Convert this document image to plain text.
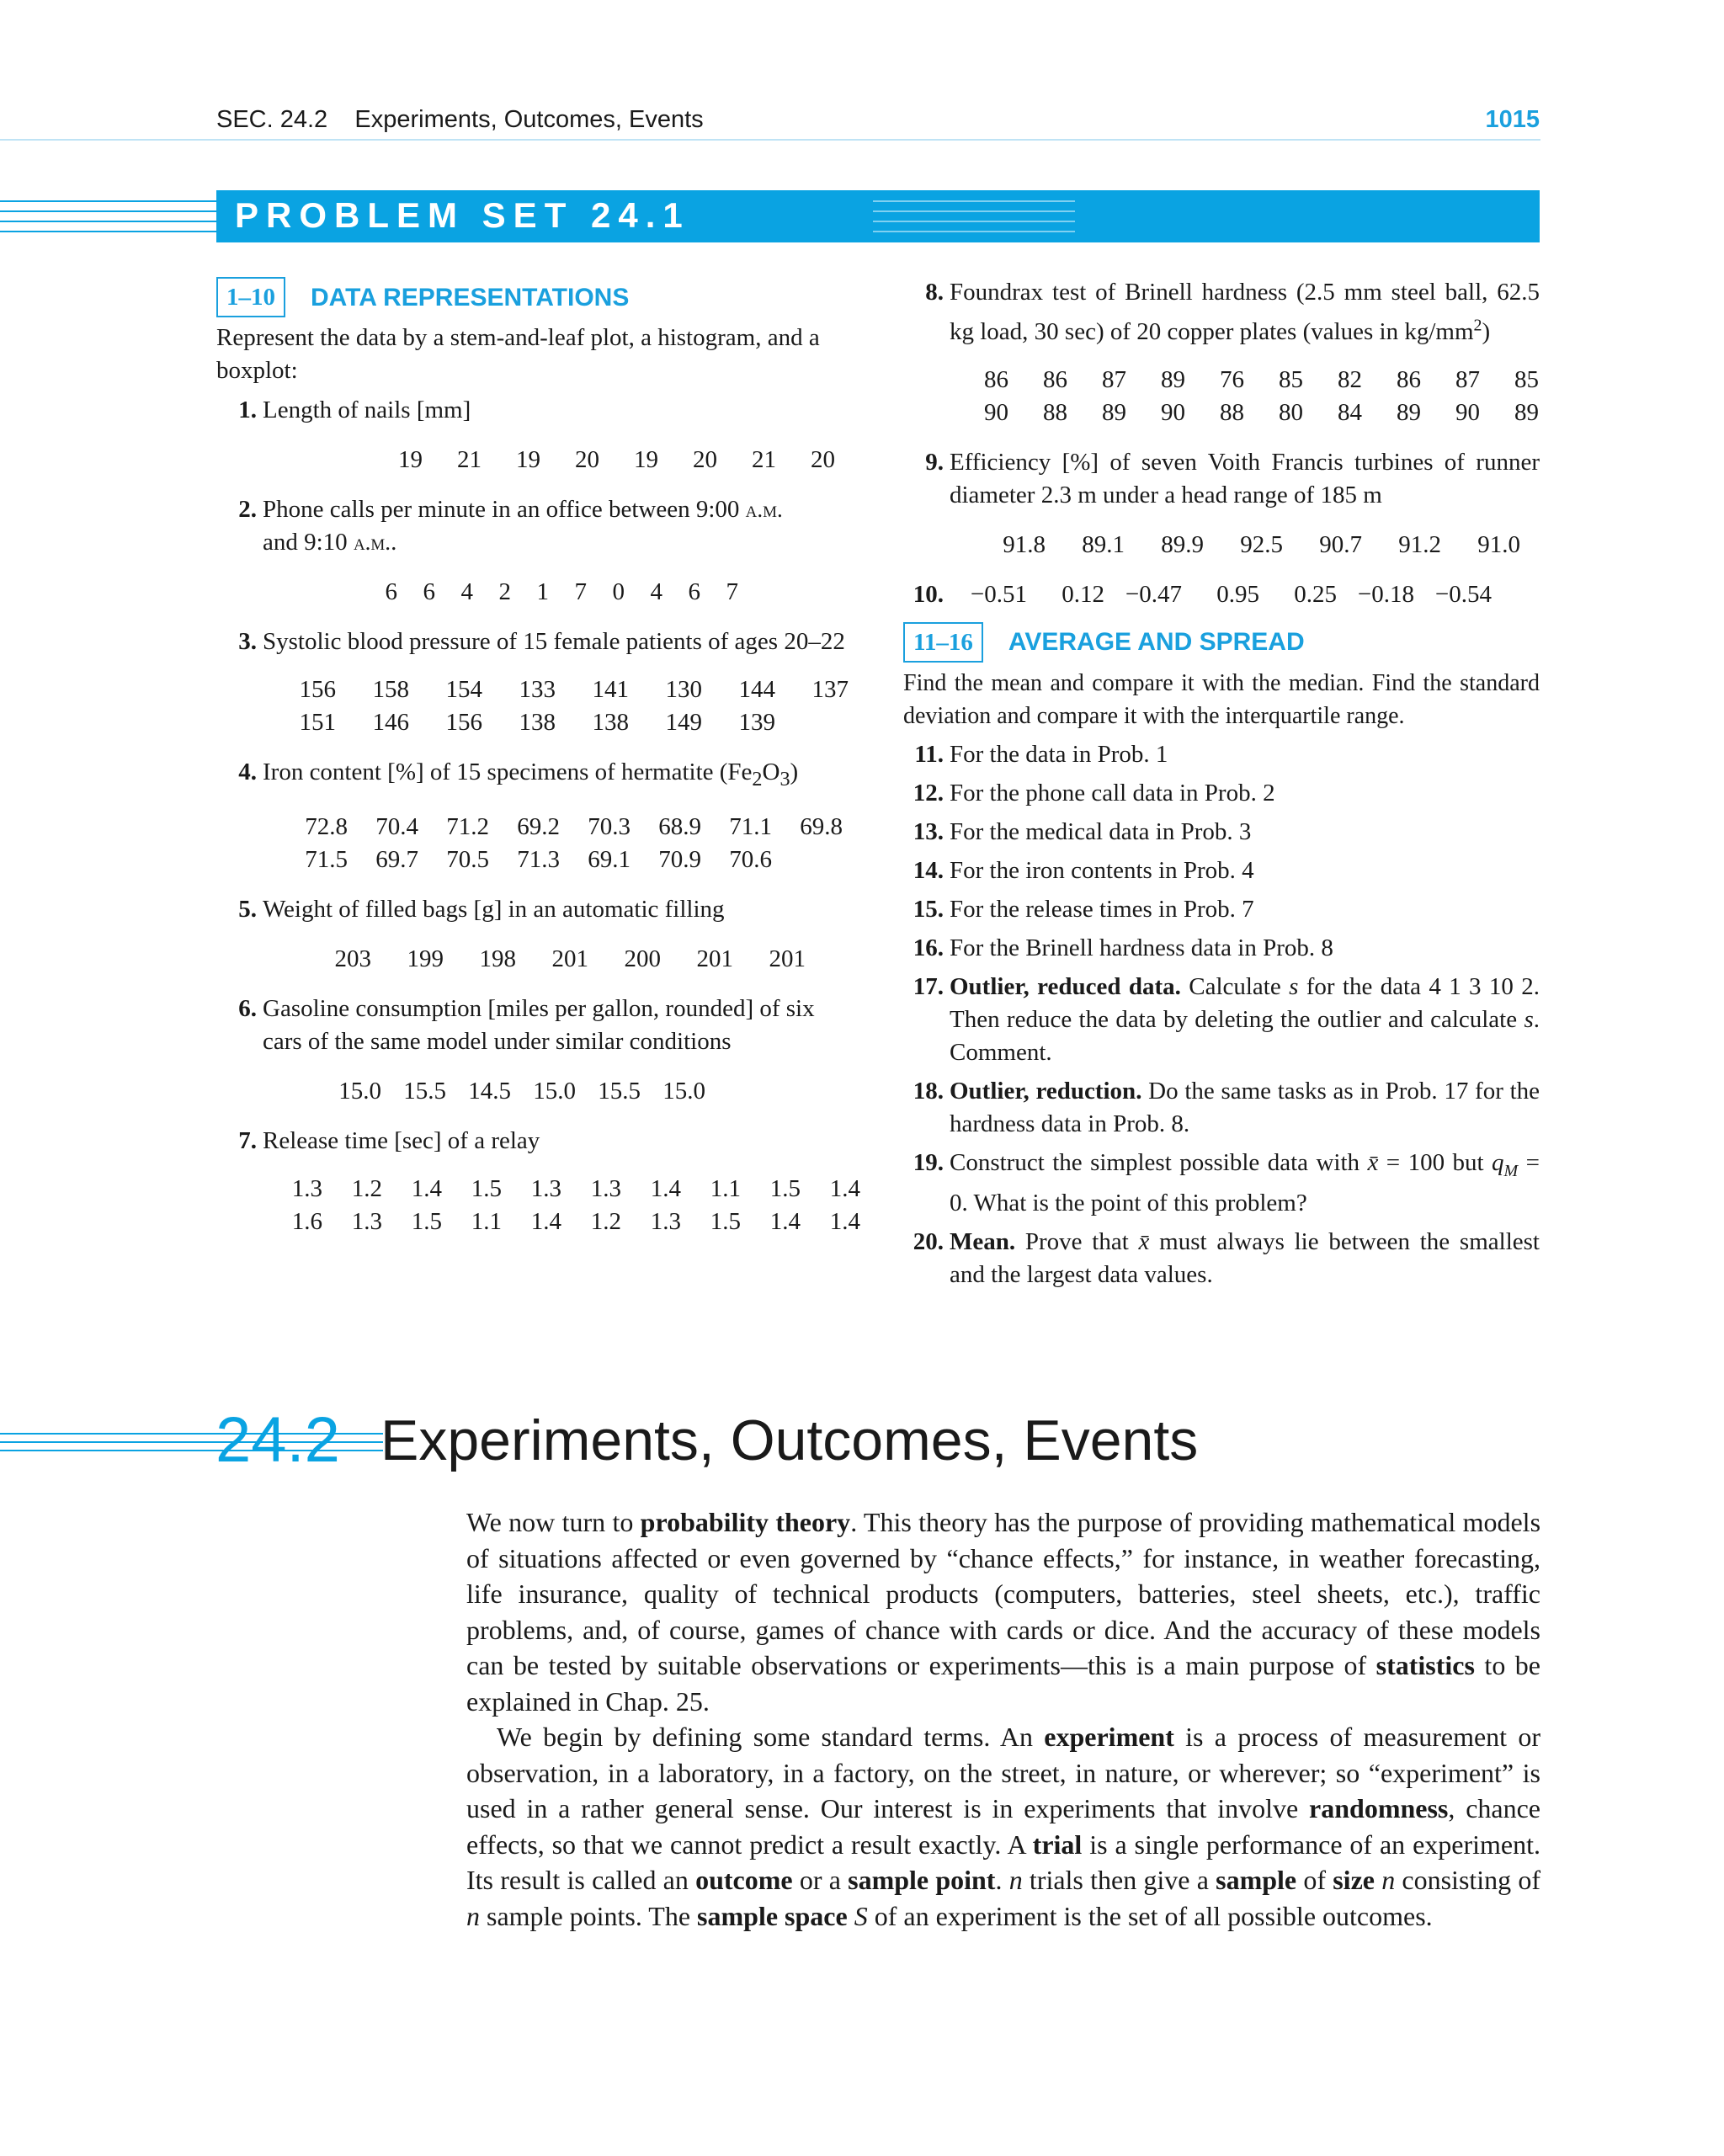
SEC. 24.2 Experiments, Outcomes, Events	1015
PROBLEM SET 24.1
1–10	DATA REPRESENTATIONS
Represent the data by a stem-and-leaf plot, a histogram, and a boxplot:
1. Length of nails [mm]
19	21	19	20	19	20	21	20
2. Phone calls per minute in an office between 9:00 a.m.
and 9:10 a.m..
6	6	4	2	1	7	0	4	6	7
3. Systolic blood pressure of 15 female patients of ages 20–22
156	158	154	133	141	130	144	137
151	146	156	138	138	149	139
4. Iron content [%] of 15 specimens of hermatite $(Fe_2O_3)$
72.8	70.4	71.2	69.2	70.3	68.9	71.1	69.8
71.5	69.7	70.5	71.3	69.1	70.9	70.6
5. Weight of filled bags [g] in an automatic filling
203	199	198	201	200	201	201
6. Gasoline consumption [miles per gallon, rounded] of six cars of the same model under similar conditions
15.0 15.5 14.5 15.0 15.5 15.0
7. Release time [sec] of a relay
1.3	1.2	1.4	1.5	1.3	1.3	1.4	1.1	1.5	1.4
1.6	1.3	1.5	1.1	1.4	1.2	1.3	1.5	1.4	1.4
8. Foundrax test of Brinell hardness (2.5 mm steel ball, 62.5 kg load, 30 sec) of 20 copper plates (values in $kg/mm^2$)
86	86	87	89	76	85	82	86	87	85
90	88	89	90	88	80	84	89	90	89
9. Efficiency [%] of seven Voith Francis turbines of runner diameter 2.3 m under a head range of 185 m
91.8	89.1	89.9	92.5	90.7	91.2	91.0
10.	−0.51	0.12 −0.47	0.95	0.25 −0.18 −0.54
11–16	AVERAGE AND SPREAD
Find the mean and compare it with the median. Find the standard deviation and compare it with the interquartile range.
11. For the data in Prob. 1
12. For the phone call data in Prob. 2
13. For the medical data in Prob. 3
14. For the iron contents in Prob. 4
15. For the release times in Prob. 7
16. For the Brinell hardness data in Prob. 8
17. Outlier, reduced data. Calculate s for the data 4 1 3 10 2. Then reduce the data by deleting the outlier and calculate s. Comment.
18. Outlier, reduction. Do the same tasks as in Prob. 17 for the hardness data in Prob. 8.
19. Construct the simplest possible data with x̄ = 100 but $q_M = 0$. What is the point of this problem?
20. Mean. Prove that x̄ must always lie between the smallest and the largest data values.
24.2 Experiments, Outcomes, Events

We now turn to probability theory. This theory has the purpose of providing mathematical models of situations affected or even governed by “chance effects,” for instance, in weather forecasting, life insurance, quality of technical products (computers, batteries, steel sheets, etc.), traffic problems, and, of course, games of chance with cards or dice. And the accuracy of these models can be tested by suitable observations or experiments—this is a main purpose of statistics to be explained in Chap. 25.

We begin by defining some standard terms. An experiment is a process of measurement or observation, in a laboratory, in a factory, on the street, in nature, or wherever; so “experiment” is used in a rather general sense. Our interest is in experiments that involve randomness, chance effects, so that we cannot predict a result exactly. A trial is a single performance of an experiment. Its result is called an outcome or a sample point. n trials then give a sample of size n consisting of n sample points. The sample space S of an experiment is the set of all possible outcomes.
